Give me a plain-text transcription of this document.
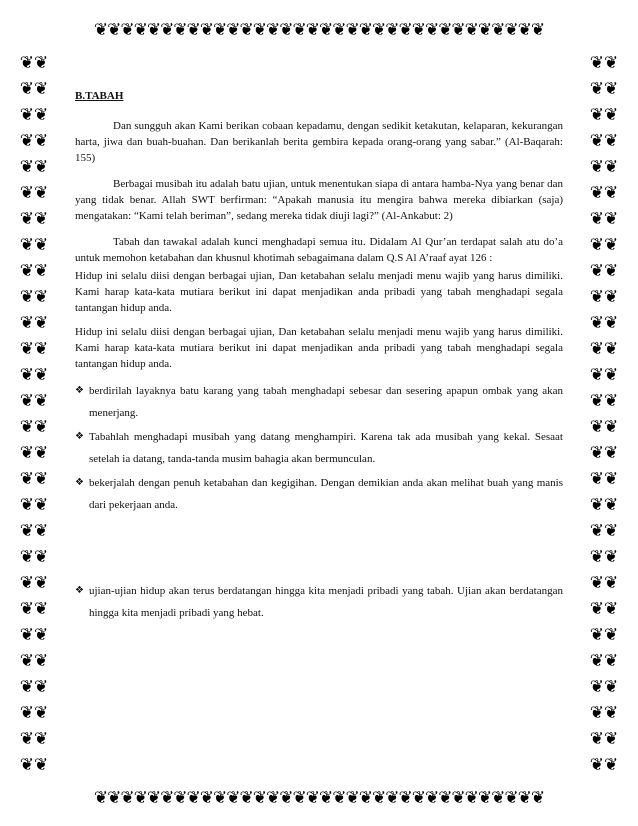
❦❦❦❦❦❦❦❦❦❦❦❦❦❦❦❦❦❦❦❦❦❦❦❦❦❦❦❦❦❦❦❦❦❦
❦❦❦❦❦❦❦❦❦❦❦❦❦❦❦❦❦❦❦❦❦❦❦❦❦❦❦❦❦❦❦❦❦❦
❦❦
❦❦
❦❦
❦❦
❦❦
❦❦
❦❦
❦❦
❦❦
❦❦
❦❦
❦❦
❦❦
❦❦
❦❦
❦❦
❦❦
❦❦
❦❦
❦❦
❦❦
❦❦
❦❦
❦❦
❦❦
❦❦
❦❦
❦❦
❦❦
❦❦
❦❦
❦❦
❦❦
❦❦
❦❦
❦❦
❦❦
❦❦
❦❦
❦❦
❦❦
❦❦
❦❦
❦❦
❦❦
❦❦
❦❦
❦❦
❦❦
❦❦
❦❦
❦❦
❦❦
❦❦
❦❦
❦❦
B.TABAH

Dan sungguh akan Kami berikan cobaan kepadamu, dengan sedikit ketakutan, kelaparan, kekurangan harta, jiwa dan buah-buahan. Dan berikanlah berita gembira kepada orang-orang yang sabar.” (Al-Baqarah: 155)

Berbagai musibah itu adalah batu ujian, untuk menentukan siapa di antara hamba-Nya yang benar dan yang tidak benar. Allah SWT berfirman: “Apakah manusia itu mengira bahwa mereka dibiarkan (saja) mengatakan: “Kami telah beriman”, sedang mereka tidak diuji lagi?” (Al-Ankabut: 2)

Tabah dan tawakal adalah kunci menghadapi semua itu. Didalam Al Qur’an terdapat salah atu do’a untuk memohon ketabahan dan khusnul khotimah sebagaimana dalam Q.S Al A’raaf ayat 126 :

Hidup ini selalu diisi dengan berbagai ujian, Dan ketabahan selalu menjadi menu wajib yang harus dimiliki. Kami harap kata-kata mutiara berikut ini dapat menjadikan anda pribadi yang tabah menghadapi segala tantangan hidup anda.

Hidup ini selalu diisi dengan berbagai ujian, Dan ketabahan selalu menjadi menu wajib yang harus dimiliki. Kami harap kata-kata mutiara berikut ini dapat menjadikan anda pribadi yang tabah menghadapi segala tantangan hidup anda.

❖ berdirilah layaknya batu karang yang tabah menghadapi sebesar dan sesering apapun ombak yang akan menerjang.
❖ Tabahlah menghadapi musibah yang datang menghampiri. Karena tak ada musibah yang kekal. Sesaat setelah ia datang, tanda-tanda musim bahagia akan bermunculan.
❖ bekerjalah dengan penuh ketabahan dan kegigihan. Dengan demikian anda akan melihat buah yang manis dari pekerjaan anda.
❖ ujian-ujian hidup akan terus berdatangan hingga kita menjadi pribadi yang tabah. Ujian akan berdatangan hingga kita menjadi pribadi yang hebat.
